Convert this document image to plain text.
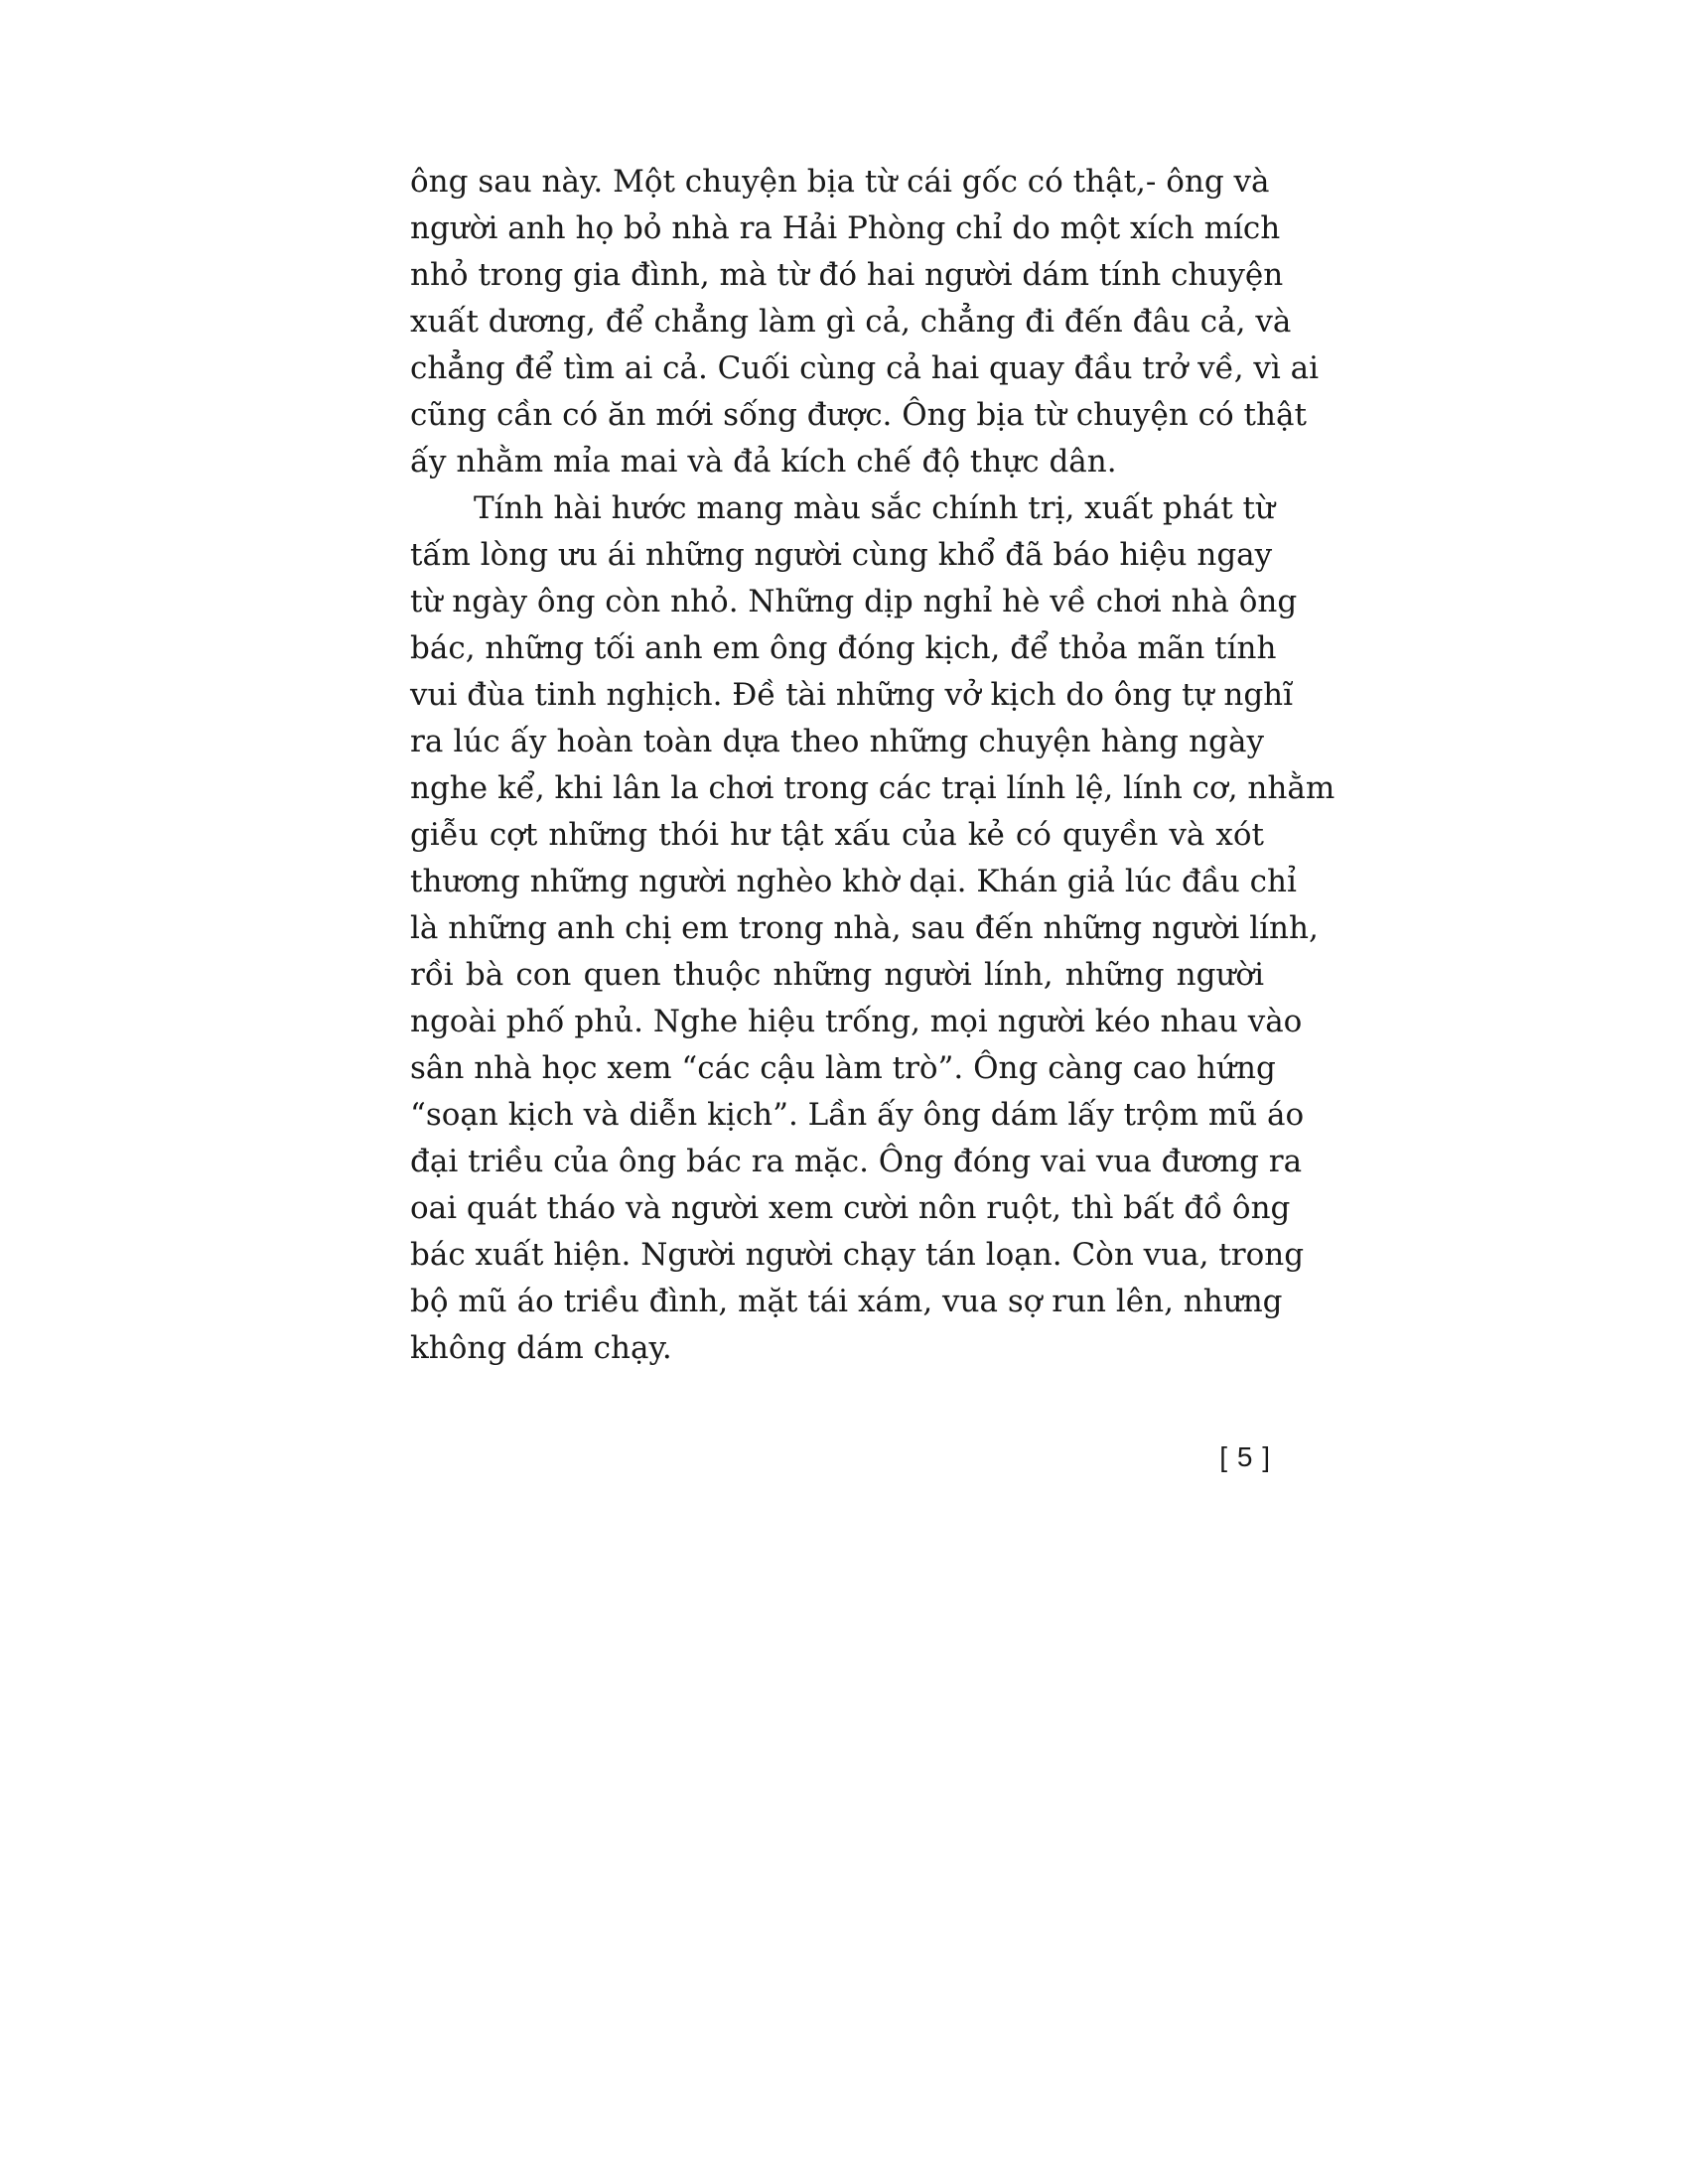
ông sau này. Một chuyện bịa từ cái gốc có thật,- ông và
người anh họ bỏ nhà ra Hải Phòng chỉ do một xích mích
nhỏ trong gia đình, mà từ đó hai người dám tính chuyện
xuất dương, để chẳng làm gì cả, chẳng đi đến đâu cả, và
chẳng để tìm ai cả. Cuối cùng cả hai quay đầu trở về, vì ai
cũng cần có ăn mới sống được. Ông bịa từ chuyện có thật
ấy nhằm mỉa mai và đả kích chế độ thực dân.
Tính hài hước mang màu sắc chính trị, xuất phát từ
tấm lòng ưu ái những người cùng khổ đã báo hiệu ngay
từ ngày ông còn nhỏ. Những dịp nghỉ hè về chơi nhà ông
bác, những tối anh em ông đóng kịch, để thỏa mãn tính
vui đùa tinh nghịch. Đề tài những vở kịch do ông tự nghĩ
ra lúc ấy hoàn toàn dựa theo những chuyện hàng ngày
nghe kể, khi lân la chơi trong các trại lính lệ, lính cơ, nhằm
giễu cợt những thói hư tật xấu của kẻ có quyền và xót
thương những người nghèo khờ dại. Khán giả lúc đầu chỉ
là những anh chị em trong nhà, sau đến những người lính,
rồi bà con quen thuộc những người lính, những người
ngoài phố phủ. Nghe hiệu trống, mọi người kéo nhau vào
sân nhà học xem “các cậu làm trò”. Ông càng cao hứng
“soạn kịch và diễn kịch”. Lần ấy ông dám lấy trộm mũ áo
đại triều của ông bác ra mặc. Ông đóng vai vua đương ra
oai quát tháo và người xem cười nôn ruột, thì bất đồ ông
bác xuất hiện. Người người chạy tán loạn. Còn vua, trong
bộ mũ áo triều đình, mặt tái xám, vua sợ run lên, nhưng
không dám chạy.
[ 5 ]
